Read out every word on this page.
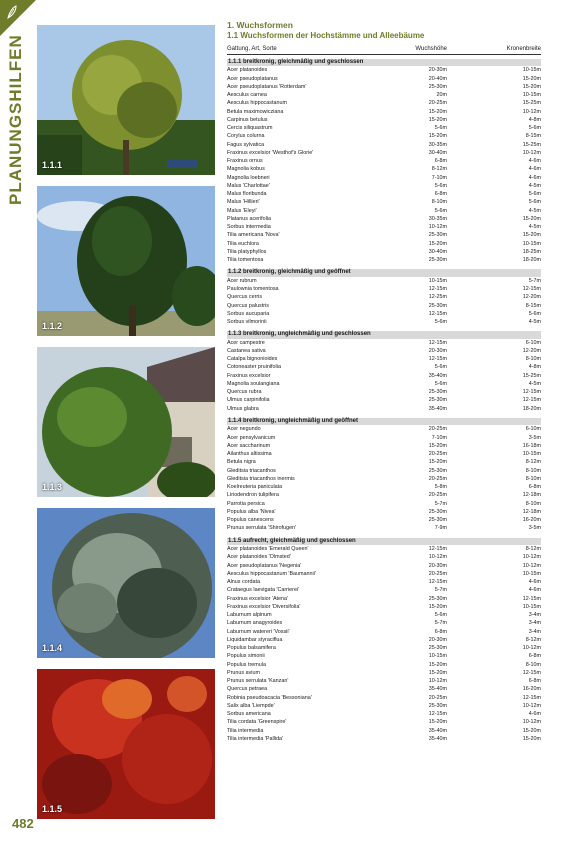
PLANUNGSHILFEN
482
1.1.1
1.1.2
1.1.3
1.1.4
1.1.5
1. Wuchsformen
1.1 Wuchsformen der Hochstämme und Alleebäume
Gattung, Art, Sorte	Wuchshöhe	Kronenbreite
1.1.1 breitkronig, gleichmäßig und geschlossen
Acer platanoides	20-30m	10-15m
Acer pseudoplatanus	20-40m	15-20m
Acer pseudoplatanus 'Rotterdam'	25-30m	15-20m
Aesculus carnea	20m	10-15m
Aesculus hippocastanum	20-25m	15-25m
Betula maximowicziana	15-20m	10-12m
Carpinus betulus	15-20m	4-8m
Cercis siliquastrum	5-6m	5-6m
Corylus colurna	15-20m	8-15m
Fagus sylvatica	30-35m	15-25m
Fraxinus excelsior 'Westhof's Glorie'	30-40m	10-12m
Fraxinus ornus	6-8m	4-6m
Magnolia kobus	8-12m	4-6m
Magnolia loebneri	7-10m	4-6m
Malus 'Charlottae'	5-6m	4-5m
Malus floribunda	6-8m	5-6m
Malus 'Hillieri'	8-10m	5-6m
Malus 'Eleyi'	5-6m	4-5m
Platanus acerifolia	30-35m	15-20m
Sorbus intermedia	10-12m	4-5m
Tilia americana 'Nova'	25-30m	15-20m
Tilia euchlora	15-20m	10-15m
Tilia platyphyllos	30-40m	18-25m
Tilia tomentosa	25-30m	18-20m
1.1.2 breitkronig, gleichmäßig und geöffnet
Acer rubrum	10-15m	5-7m
Paulownia tomentosa	12-15m	12-15m
Quercus cerris	12-25m	12-20m
Quercus palustris	25-30m	8-15m
Sorbus aucuparia	12-15m	5-6m
Sorbus vilmorinii	5-6m	4-5m
1.1.3 breitkronig, ungleichmäßig und geschlossen
Acer campestre	12-15m	6-10m
Castanea sativa	20-30m	12-20m
Catalpa bignonioides	12-15m	8-10m
Cotoneaster pruinifolia	5-6m	4-8m
Fraxinus excelsior	35-40m	15-25m
Magnolia soulangiana	5-6m	4-5m
Quercus rubra	25-30m	12-15m
Ulmus carpinifolia	25-30m	12-15m
Ulmus glabra	35-40m	18-20m
1.1.4 breitkronig, ungleichmäßig und geöffnet
Acer negundo	20-25m	6-10m
Acer pensylvanicum	7-10m	3-5m
Acer saccharinum	15-20m	16-18m
Ailanthus altissima	20-25m	10-15m
Betula nigra	15-20m	8-12m
Gleditsia triacanthos	25-30m	8-10m
Gleditsia triacanthos inermis	20-25m	8-10m
Koelreuteria paniculata	5-8m	6-8m
Liriodendron tulipifera	20-25m	12-18m
Parrotia persica	5-7m	8-10m
Populus alba 'Nivea'	25-30m	12-18m
Populus canescens	25-30m	16-20m
Prunus serrulata 'Shirofugen'	7-9m	3-5m
1.1.5 aufrecht, gleichmäßig und geschlossen
Acer platanoides 'Emerald Queen'	12-15m	8-12m
Acer platanoides 'Olmsted'	10-12m	10-12m
Acer pseudoplatanus 'Negenia'	20-30m	10-12m
Aesculus hippocastanum 'Baumannii'	20-25m	10-15m
Alnus cordata	12-15m	4-6m
Crataegus laevigata 'Carrierei'	5-7m	4-6m
Fraxinus excelsior 'Atena'	25-30m	12-15m
Fraxinus excelsior 'Diversifolia'	15-20m	10-15m
Laburnum alpinum	5-6m	3-4m
Laburnum anagyroides	5-7m	3-4m
Laburnum watereri 'Vossii'	6-8m	3-4m
Liquidambar styraciflua	20-30m	8-12m
Populus balsamifera	25-30m	10-12m
Populus simonii	10-15m	6-8m
Populus tremula	15-20m	8-10m
Prunus avium	15-20m	12-15m
Prunus serrulata 'Kanzan'	10-12m	6-8m
Quercus petraea	35-40m	16-20m
Robinia pseudoacacia 'Bessoniana'	20-25m	12-15m
Salix alba 'Liempde'	25-30m	10-12m
Sorbus americana	12-15m	4-6m
Tilia cordata 'Greenspire'	15-20m	10-12m
Tilia intermedia	35-40m	15-20m
Tilia intermedia 'Pallida'	35-40m	15-20m
